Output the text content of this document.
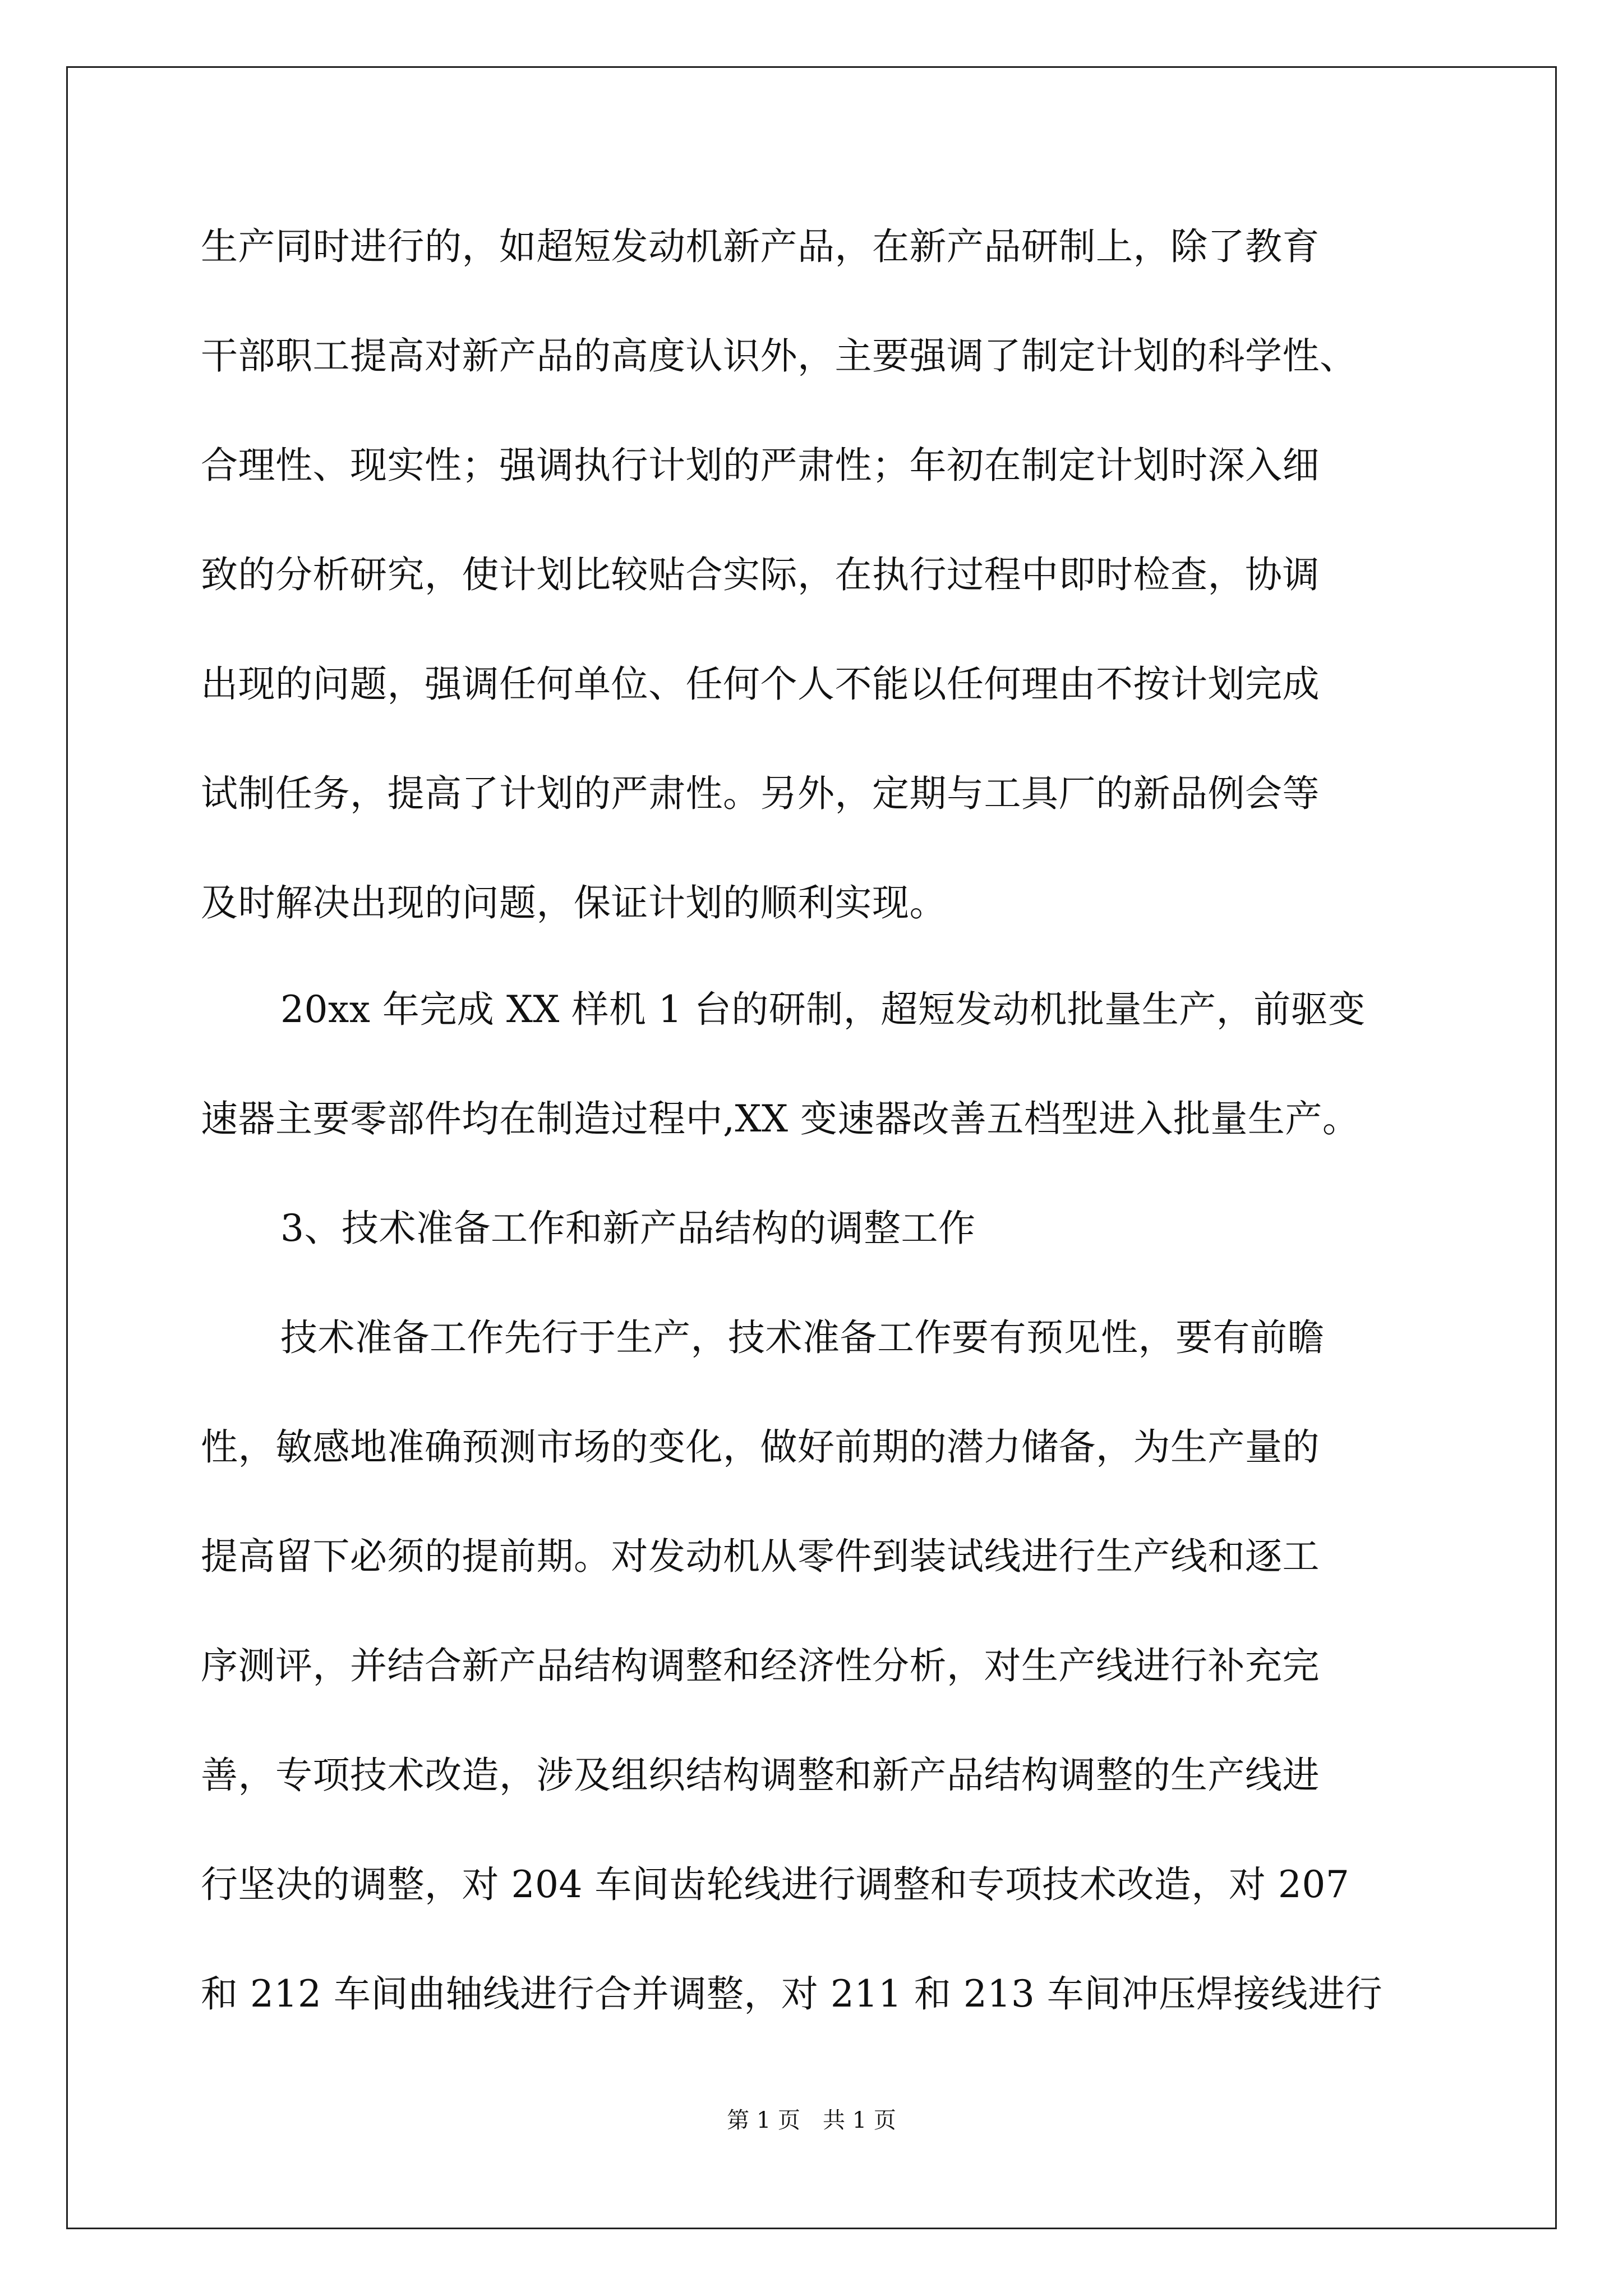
生产同时进行的，如超短发动机新产品，在新产品研制上，除了教育
干部职工提高对新产品的高度认识外，主要强调了制定计划的科学性、
合理性、现实性；强调执行计划的严肃性；年初在制定计划时深入细
致的分析研究，使计划比较贴合实际，在执行过程中即时检查，协调
出现的问题，强调任何单位、任何个人不能以任何理由不按计划完成
试制任务，提高了计划的严肃性。另外，定期与工具厂的新品例会等
及时解决出现的问题，保证计划的顺利实现。
20xx 年完成 XX 样机 1 台的研制，超短发动机批量生产，前驱变
速器主要零部件均在制造过程中,XX 变速器改善五档型进入批量生产。
3、技术准备工作和新产品结构的调整工作
技术准备工作先行于生产，技术准备工作要有预见性，要有前瞻
性，敏感地准确预测市场的变化，做好前期的潜力储备，为生产量的
提高留下必须的提前期。对发动机从零件到装试线进行生产线和逐工
序测评，并结合新产品结构调整和经济性分析，对生产线进行补充完
善，专项技术改造，涉及组织结构调整和新产品结构调整的生产线进
行坚决的调整，对 204 车间齿轮线进行调整和专项技术改造，对 207
和 212 车间曲轴线进行合并调整，对 211 和 213 车间冲压焊接线进行
第 1 页 共 1 页
